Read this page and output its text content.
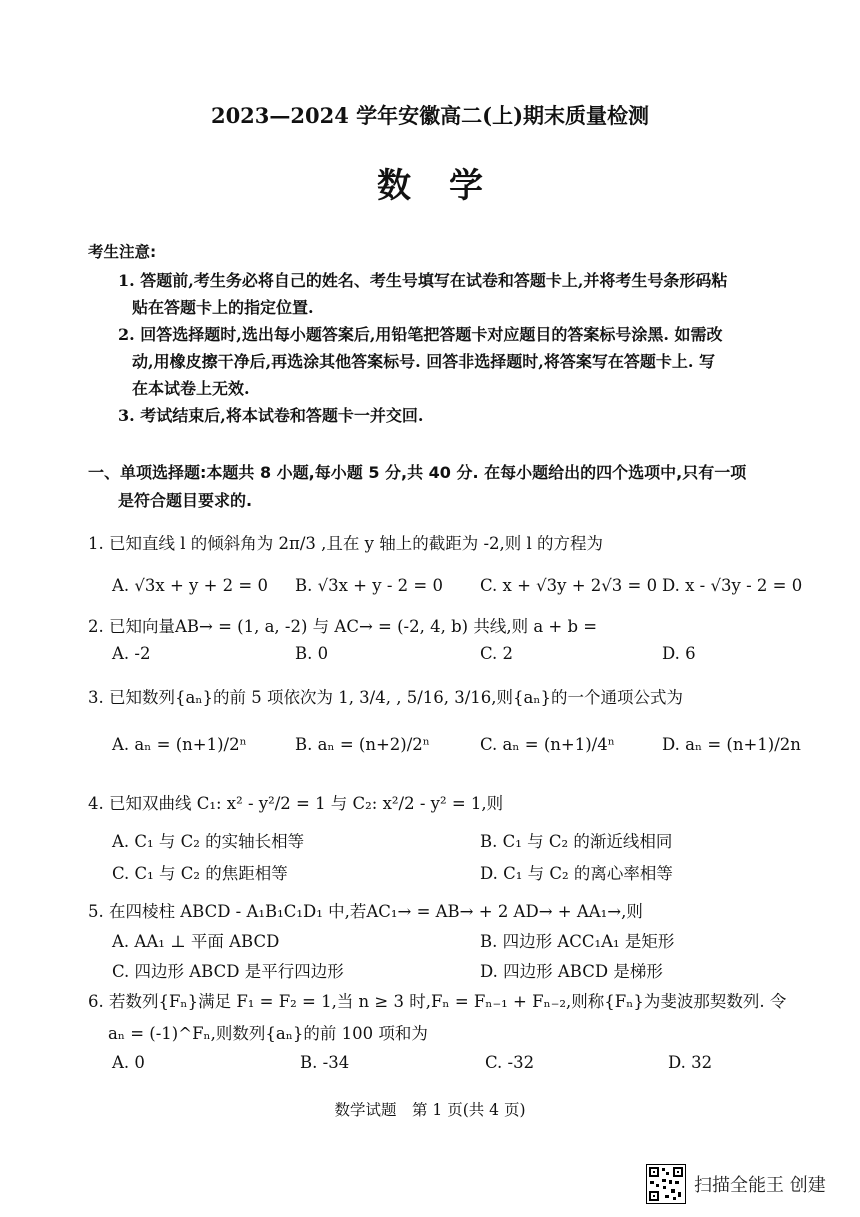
2023—2024 学年安徽高二(上)期末质量检测
数学
考生注意:
1. 答题前,考生务必将自己的姓名、考生号填写在试卷和答题卡上,并将考生号条形码粘
贴在答题卡上的指定位置.
2. 回答选择题时,选出每小题答案后,用铅笔把答题卡对应题目的答案标号涂黑. 如需改
动,用橡皮擦干净后,再选涂其他答案标号. 回答非选择题时,将答案写在答题卡上. 写
在本试卷上无效.
3. 考试结束后,将本试卷和答题卡一并交回.
一、单项选择题:本题共 8 小题,每小题 5 分,共 40 分. 在每小题给出的四个选项中,只有一项
是符合题目要求的.
1. 已知直线 l 的倾斜角为 2π/3 ,且在 y 轴上的截距为 -2,则 l 的方程为
A. √3x + y + 2 = 0 B. √3x + y - 2 = 0 C. x + √3y + 2√3 = 0 D. x - √3y - 2 = 0
2. 已知向量AB→ = (1, a, -2) 与 AC→ = (-2, 4, b) 共线,则 a + b =
A. -2	B. 0	C. 2	D. 6
3. 已知数列{aₙ}的前 5 项依次为 1, 3/4, , 5/16, 3/16,则{aₙ}的一个通项公式为
A. aₙ = (n+1)/2ⁿ	B. aₙ = (n+2)/2ⁿ	C. aₙ = (n+1)/4ⁿ	D. aₙ = (n+1)/2n
4. 已知双曲线 C₁: x² - y²/2 = 1 与 C₂: x²/2 - y² = 1,则
A. C₁ 与 C₂ 的实轴长相等	B. C₁ 与 C₂ 的渐近线相同
C. C₁ 与 C₂ 的焦距相等	D. C₁ 与 C₂ 的离心率相等
5. 在四棱柱 ABCD - A₁B₁C₁D₁ 中,若AC₁→ = AB→ + 2 AD→ + AA₁→,则
A. AA₁ ⊥ 平面 ABCD	B. 四边形 ACC₁A₁ 是矩形
C. 四边形 ABCD 是平行四边形	D. 四边形 ABCD 是梯形
6. 若数列{Fₙ}满足 F₁ = F₂ = 1,当 n ≥ 3 时,Fₙ = Fₙ₋₁ + Fₙ₋₂,则称{Fₙ}为斐波那契数列. 令
aₙ = (-1)^Fₙ,则数列{aₙ}的前 100 项和为
A. 0	B. -34	C. -32	D. 32
数学试题　第 1 页(共 4 页)
扫描全能王 创建
